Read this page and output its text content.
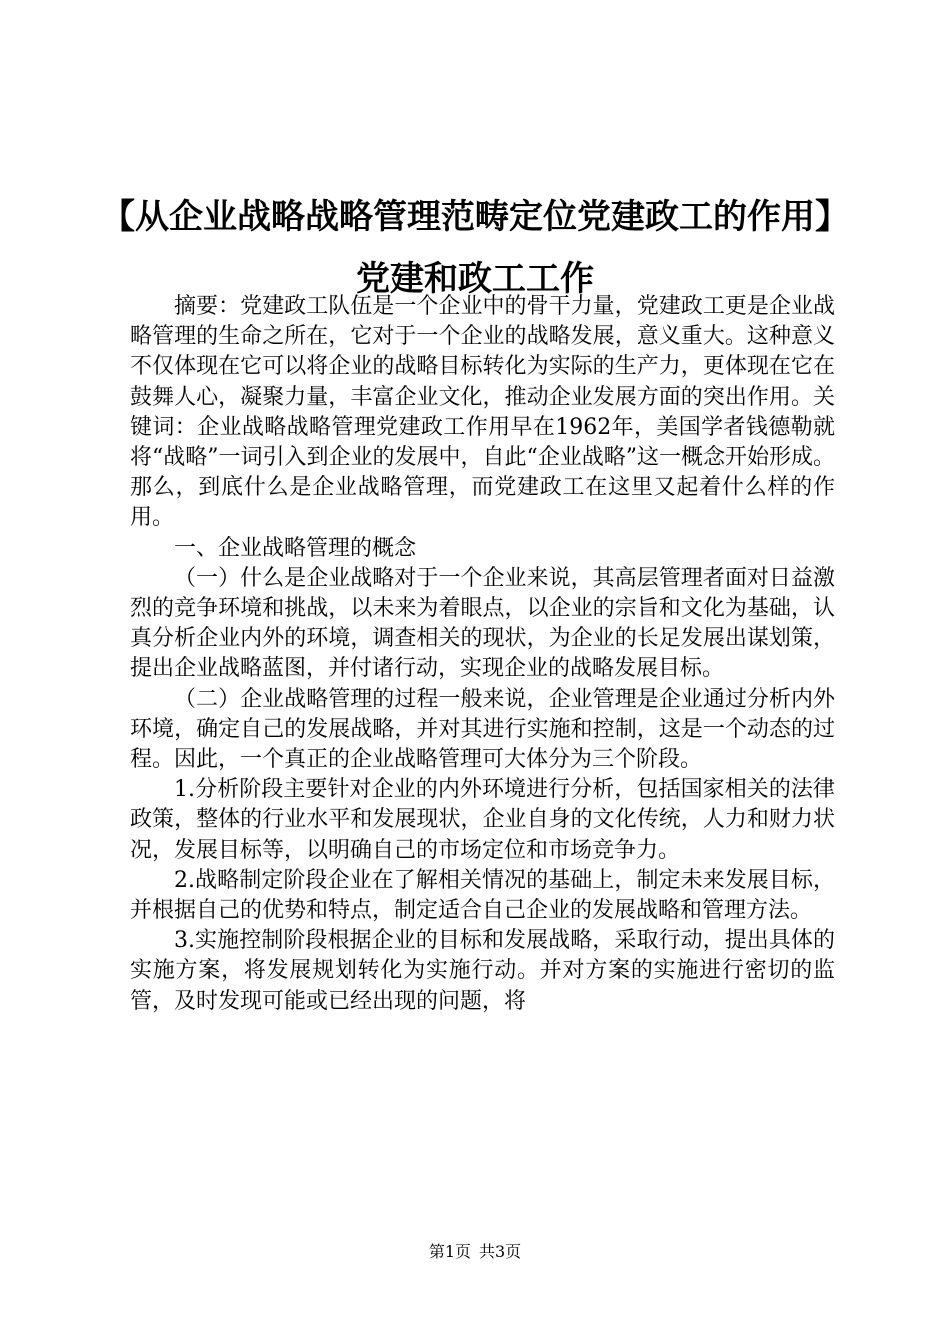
【从企业战略战略管理范畴定位党建政工的作用】党建和政工工作

摘要：党建政工队伍是一个企业中的骨干力量，党建政工更是企业战略管理的生命之所在，它对于一个企业的战略发展，意义重大。这种意义不仅体现在它可以将企业的战略目标转化为实际的生产力，更体现在它在鼓舞人心，凝聚力量，丰富企业文化，推动企业发展方面的突出作用。关键词：企业战略战略管理党建政工作用早在1962年，美国学者钱德勒就将“战略”一词引入到企业的发展中，自此“企业战略”这一概念开始形成。那么，到底什么是企业战略管理，而党建政工在这里又起着什么样的作用。

一、企业战略管理的概念

（一）什么是企业战略对于一个企业来说，其高层管理者面对日益激烈的竞争环境和挑战，以未来为着眼点，以企业的宗旨和文化为基础，认真分析企业内外的环境，调查相关的现状，为企业的长足发展出谋划策，提出企业战略蓝图，并付诸行动，实现企业的战略发展目标。

（二）企业战略管理的过程一般来说，企业管理是企业通过分析内外环境，确定自己的发展战略，并对其进行实施和控制，这是一个动态的过程。因此，一个真正的企业战略管理可大体分为三个阶段。

1.分析阶段主要针对企业的内外环境进行分析，包括国家相关的法律政策，整体的行业水平和发展现状，企业自身的文化传统，人力和财力状况，发展目标等，以明确自己的市场定位和市场竞争力。

2.战略制定阶段企业在了解相关情况的基础上，制定未来发展目标，并根据自己的优势和特点，制定适合自己企业的发展战略和管理方法。

3.实施控制阶段根据企业的目标和发展战略，采取行动，提出具体的实施方案，将发展规划转化为实施行动。并对方案的实施进行密切的监管，及时发现可能或已经出现的问题，将

第1页 共3页
